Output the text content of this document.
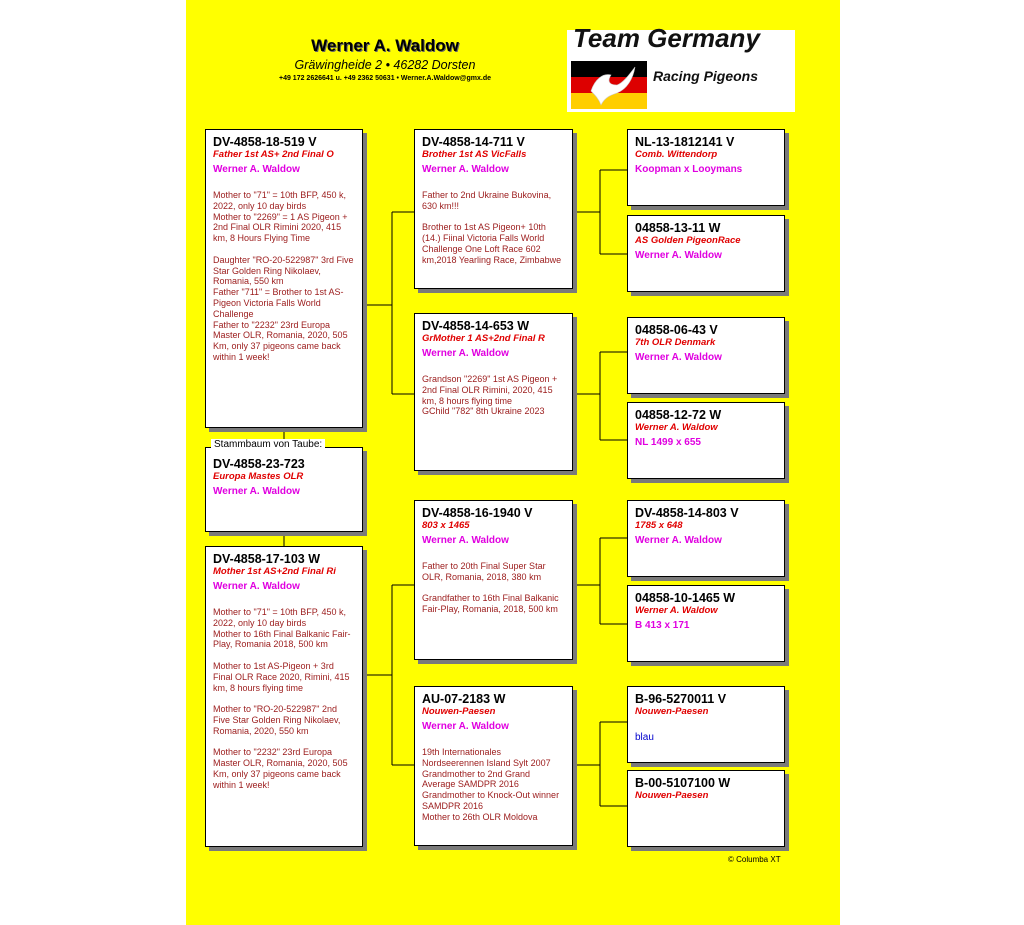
Werner A. Waldow
Gräwingheide 2 • 46282 Dorsten
+49 172 2626641 u. +49 2362 50631 • Werner.A.Waldow@gmx.de
Team Germany
Racing Pigeons
DV-4858-18-519 V
Father 1st AS+ 2nd Final O
Werner A. Waldow

Mother to "71" = 10th BFP, 450 k, 2022, only 10 day birds
Mother to "2269" = 1 AS Pigeon + 2nd Final OLR Rimini 2020, 415 km, 8 Hours Flying Time

Daughter "RO-20-522987" 3rd Five Star Golden Ring Nikolaev, Romania, 550 km
Father "711" = Brother to 1st AS-Pigeon Victoria Falls World Challenge
Father to "2232" 23rd Europa Master OLR, Romania, 2020, 505 Km, only 37 pigeons came back within 1 week!

DV-4858-23-723
Europa Mastes OLR
Werner A. Waldow
Stammbaum von Taube:
DV-4858-17-103 W
Mother 1st AS+2nd Final Ri
Werner A. Waldow

Mother to "71" = 10th BFP, 450 k, 2022, only 10 day birds
Mother to 16th Final Balkanic Fair-Play, Romania 2018, 500 km

Mother to 1st AS-Pigeon + 3rd Final OLR Race 2020, Rimini, 415 km, 8 hours flying time

Mother to "RO-20-522987" 2nd Five Star Golden Ring Nikolaev, Romania, 2020, 550 km

Mother to "2232" 23rd Europa Master OLR, Romania, 2020, 505 Km, only 37 pigeons came back within 1 week!

DV-4858-14-711 V
Brother 1st AS VicFalls
Werner A. Waldow

Father to 2nd Ukraine Bukovina, 630 km!!!

Brother to 1st AS Pigeon+ 10th (14.) Fiinal Victoria Falls World Challenge One Loft Race 602 km,2018 Yearling Race, Zimbabwe

DV-4858-14-653 W
GrMother 1 AS+2nd Final R
Werner A. Waldow

Grandson "2269" 1st AS Pigeon + 2nd Final OLR Rimini, 2020, 415 km, 8 hours flying time
GChild "782" 8th Ukraine 2023

DV-4858-16-1940 V
803 x 1465
Werner A. Waldow

Father to 20th Final Super Star OLR, Romania, 2018, 380 km

Grandfather to 16th Final Balkanic Fair-Play, Romania, 2018, 500 km

AU-07-2183 W
Nouwen-Paesen
Werner A. Waldow

19th Internationales Nordseerennen Island Sylt 2007
Grandmother to 2nd Grand Average SAMDPR 2016
Grandmother to Knock-Out winner SAMDPR 2016
Mother to 26th OLR Moldova

NL-13-1812141 V
Comb. Wittendorp
Koopman x Looymans
04858-13-11 W
AS Golden PigeonRace
Werner A. Waldow
04858-06-43 V
7th OLR Denmark
Werner A. Waldow
04858-12-72 W
Werner A. Waldow
NL 1499 x 655
DV-4858-14-803 V
1785 x 648
Werner A. Waldow
04858-10-1465 W
Werner A. Waldow
B 413 x 171
B-96-5270011 V
Nouwen-Paesen
blau
B-00-5107100 W
Nouwen-Paesen
© Columba XT
